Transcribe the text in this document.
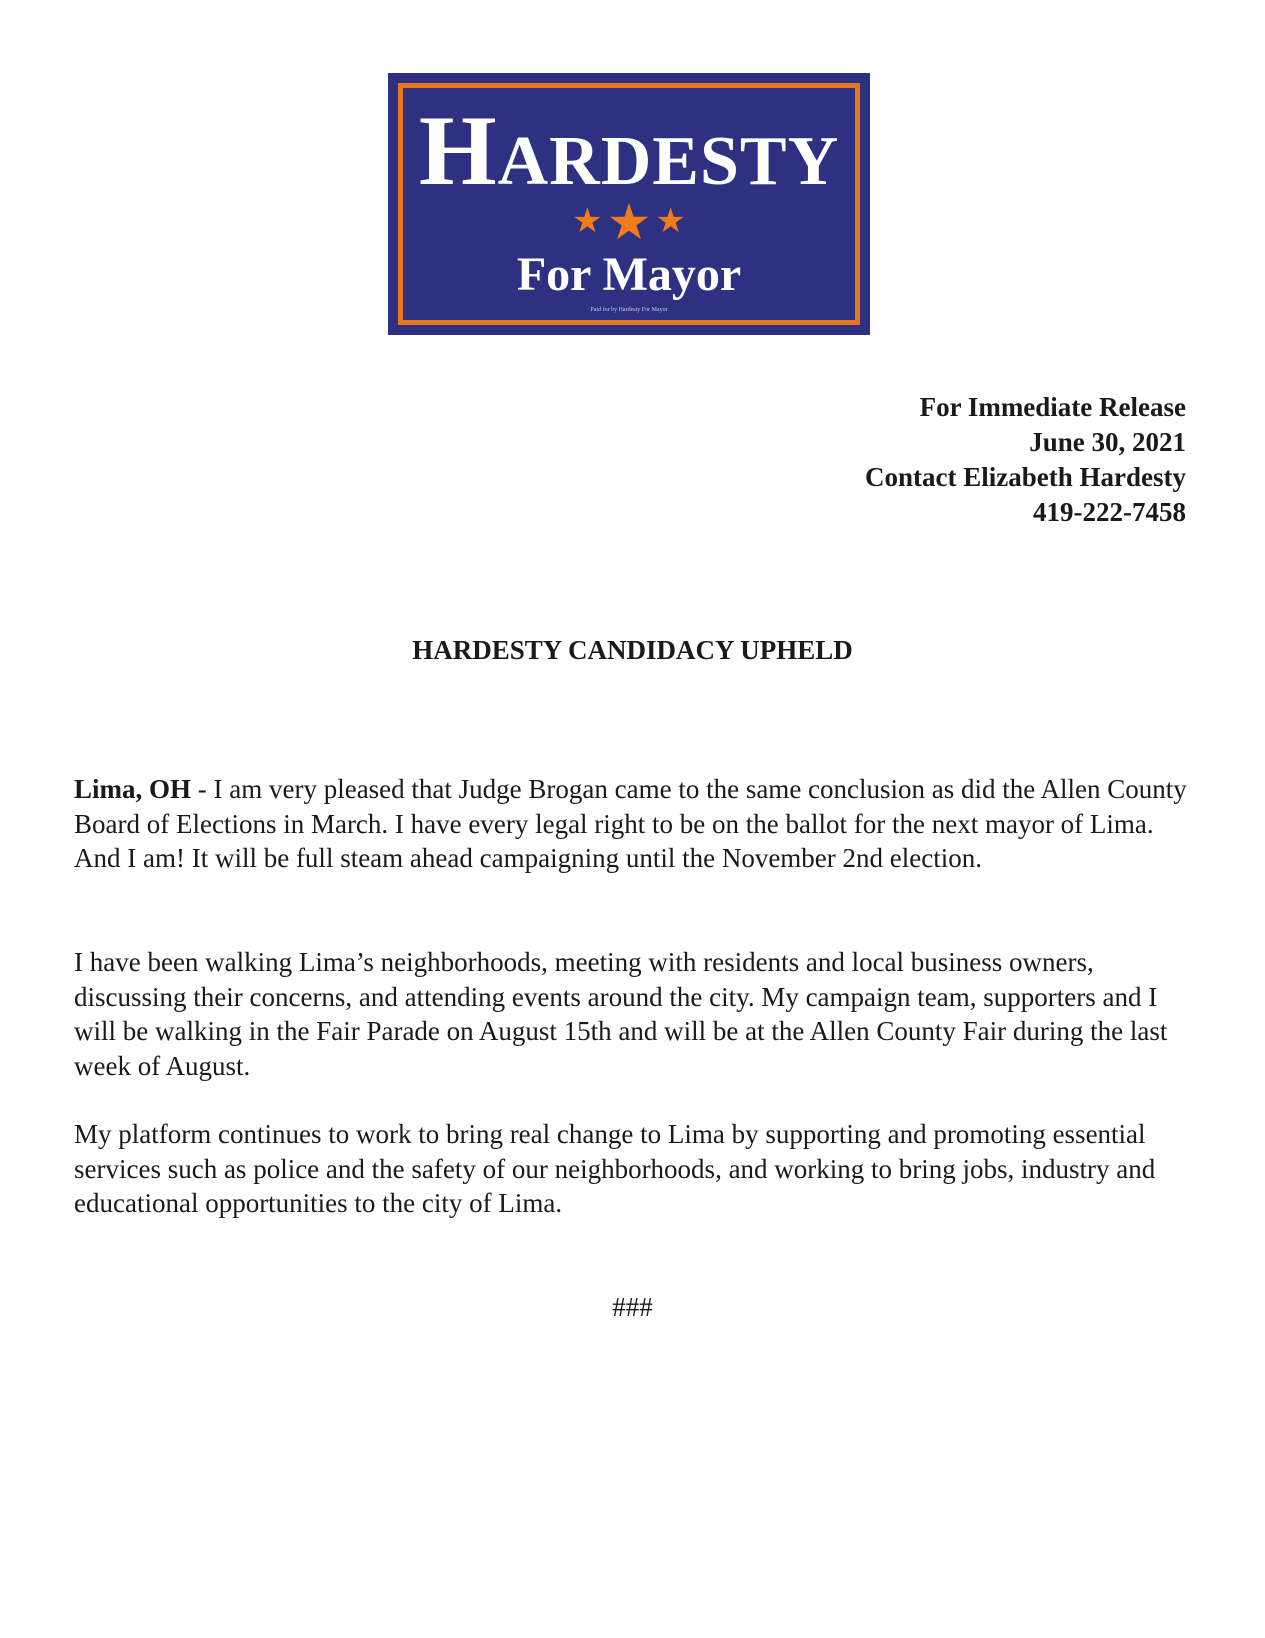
Hardesty
★★ ★
For Mayor
Paid for by Hardesty For Mayor
For Immediate Release
June 30, 2021
Contact Elizabeth Hardesty
419-222-7458
HARDESTY CANDIDACY UPHELD

Lima, OH - I am very pleased that Judge Brogan came to the same conclusion as did the Allen County Board of Elections in March. I have every legal right to be on the ballot for the next mayor of Lima. And I am! It will be full steam ahead campaigning until the November 2nd election.

I have been walking Lima’s neighborhoods, meeting with residents and local business owners, discussing their concerns, and attending events around the city. My campaign team, supporters and I will be walking in the Fair Parade on August 15th and will be at the Allen County Fair during the last week of August.

My platform continues to work to bring real change to Lima by supporting and promoting essential services such as police and the safety of our neighborhoods, and working to bring jobs, industry and educational opportunities to the city of Lima.

###
